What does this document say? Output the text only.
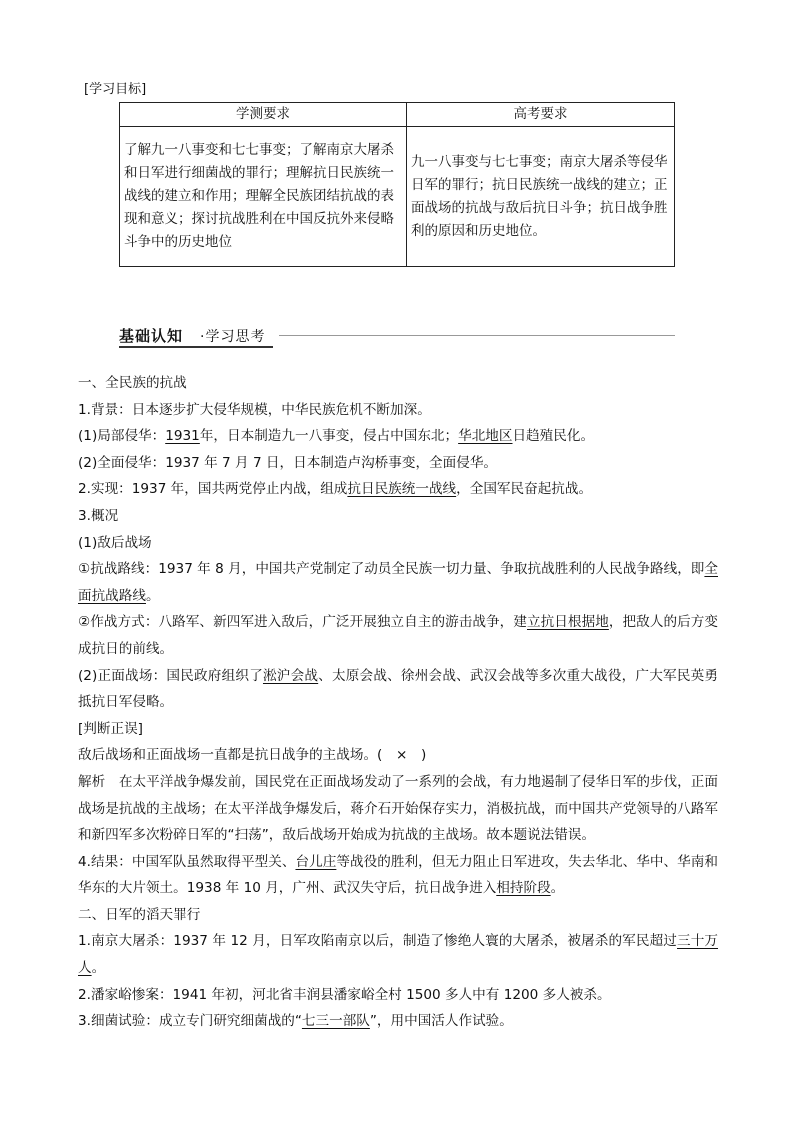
[学习目标]
学测要求	高考要求
了解九一八事变和七七事变；了解南京大屠杀和日军进行细菌战的罪行；理解抗日民族统一战线的建立和作用；理解全民族团结抗战的表现和意义；探讨抗战胜利在中国反抗外来侵略斗争中的历史地位	九一八事变与七七事变；南京大屠杀等侵华日军的罪行；抗日民族统一战线的建立；正面战场的抗战与敌后抗日斗争；抗日战争胜利的原因和历史地位。
基础认知 ·学习思考

一、全民族的抗战

1.背景：日本逐步扩大侵华规模，中华民族危机不断加深。

(1)局部侵华：1931年，日本制造九一八事变，侵占中国东北；华北地区日趋殖民化。

(2)全面侵华：1937 年 7 月 7 日，日本制造卢沟桥事变，全面侵华。

2.实现：1937 年，国共两党停止内战，组成抗日民族统一战线，全国军民奋起抗战。

3.概况

(1)敌后战场

①抗战路线：1937 年 8 月，中国共产党制定了动员全民族一切力量、争取抗战胜利的人民战争路线，即全面抗战路线。

②作战方式：八路军、新四军进入敌后，广泛开展独立自主的游击战争，建立抗日根据地，把敌人的后方变成抗日的前线。

(2)正面战场：国民政府组织了淞沪会战、太原会战、徐州会战、武汉会战等多次重大战役，广大军民英勇抵抗日军侵略。

[判断正误]

敌后战场和正面战场一直都是抗日战争的主战场。(　×　)

解析　在太平洋战争爆发前，国民党在正面战场发动了一系列的会战，有力地遏制了侵华日军的步伐，正面战场是抗战的主战场；在太平洋战争爆发后，蒋介石开始保存实力，消极抗战，而中国共产党领导的八路军和新四军多次粉碎日军的“扫荡”，敌后战场开始成为抗战的主战场。故本题说法错误。

4.结果：中国军队虽然取得平型关、台儿庄等战役的胜利，但无力阻止日军进攻，失去华北、华中、华南和华东的大片领土。1938 年 10 月，广州、武汉失守后，抗日战争进入相持阶段。

二、日军的滔天罪行

1.南京大屠杀：1937 年 12 月，日军攻陷南京以后，制造了惨绝人寰的大屠杀，被屠杀的军民超过三十万人。

2.潘家峪惨案：1941 年初，河北省丰润县潘家峪全村 1500 多人中有 1200 多人被杀。

3.细菌试验：成立专门研究细菌战的“七三一部队”，用中国活人作试验。
